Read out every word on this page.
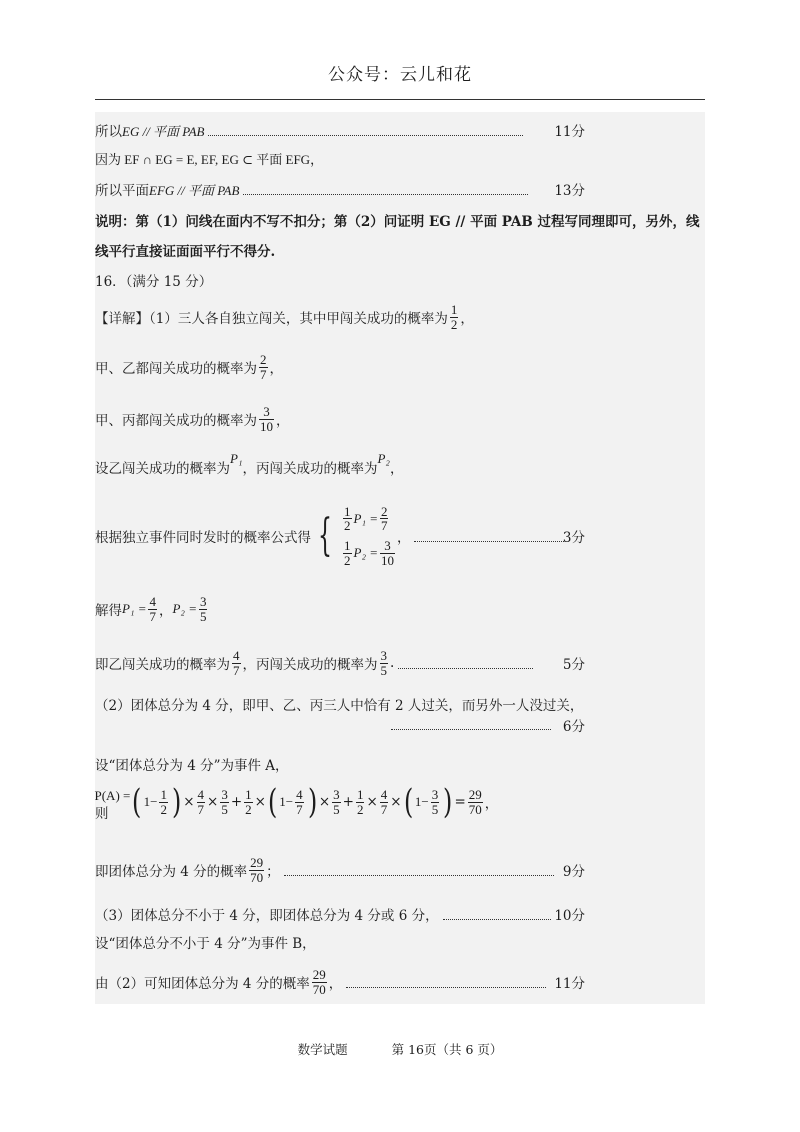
公众号：云儿和花
所以 EG // 平面 PAB	11分
因为 EF ∩ EG = E, EF, EG ⊂ 平面 EFG，
所以平面 EFG // 平面 PAB	13分
说明：第（1）问线在面内不写不扣分；第（2）问证明 EG // 平面 PAB 过程写同理即可，另外，线
线平行直接证面面平行不得分.
16．（满分 15 分）
【详解】（1）三人各自独立闯关，其中甲闯关成功的概率为 $\frac{1}{2}$ ，
甲、乙都闯关成功的概率为 $\frac{2}{7}$ ，
甲、丙都闯关成功的概率为 $\frac{3}{10}$ ，
设乙闯关成功的概率为
P₁
，丙闯关成功的概率为
P₂
，
根据独立事件同时发时的概率公式得 { $\frac{1}{2} P_1 = \frac{2}{7}$
$\frac{1}{2} P_2 = \frac{3}{10}$
，	3分
解得 $P_1 = \frac{4}{7}$ ， $P_2 = \frac{3}{5}$
即乙闯关成功的概率为 $\frac{4}{7}$ ，丙闯关成功的概率为 $\frac{3}{5}$ .	5分
（2）团体总分为 4 分，即甲、乙、丙三人中恰有 2 人过关，而另外一人没过关，
6分
设“团体总分为 4 分”为事件 A，
则
P(A) = ( $1 - \frac{1}{2}$ ) × $\frac{4}{7} \times \frac{3}{5} + \frac{1}{2}$ × ( $1- \frac{4}{7}$ ) × $\frac{3}{5} + \frac{1}{2} \times \frac{4}{7}$ × ( $1- \frac{3}{5}$ ) = $\frac{29}{70}$ ，
即团体总分为 4 分的概率 $\frac{29}{70}$ ；	9分
（3）团体总分不小于 4 分，即团体总分为 4 分或 6 分，	10分
设“团体总分不小于 4 分”为事件 B，
由（2）可知团体总分为 4 分的概率 $\frac{29}{70}$ ，	11分
数学试题	第 16页（共 6 页）
